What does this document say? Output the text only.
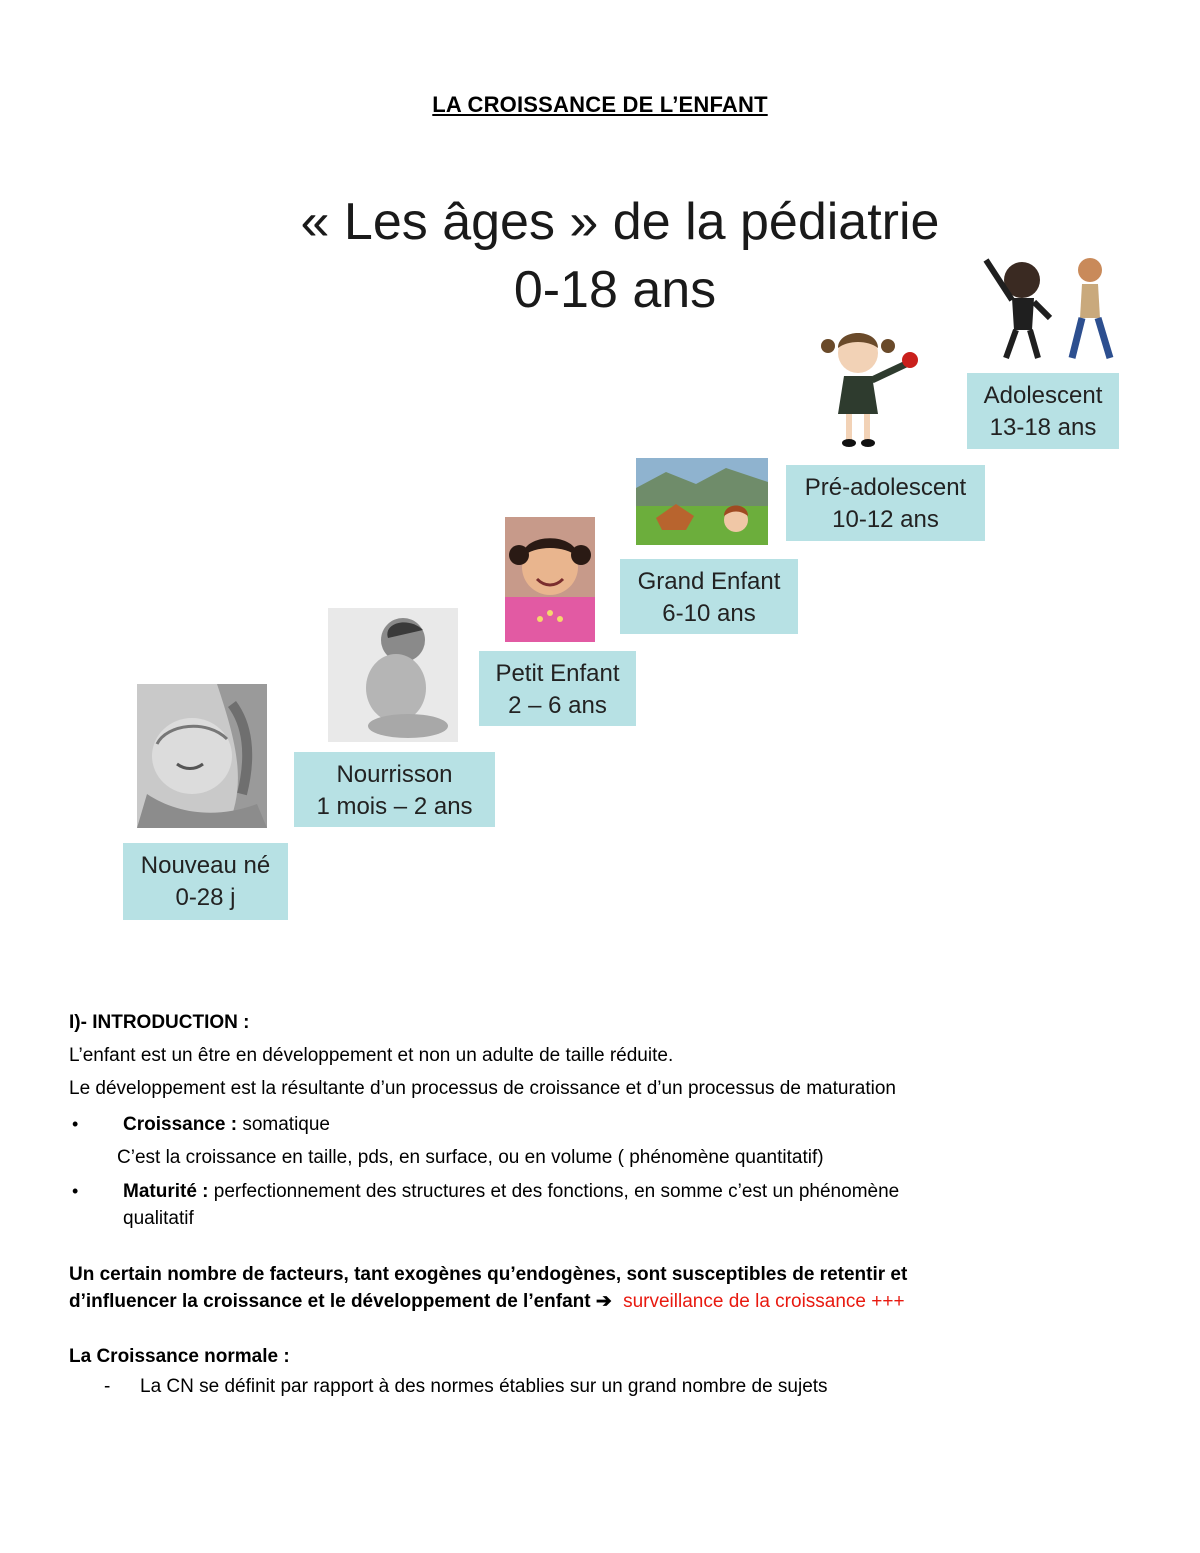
LA CROISSANCE DE L’ENFANT
« Les âges » de la pédiatrie
0-18 ans
Nouveau né
0-28 j
Nourrisson
1 mois – 2 ans
Petit Enfant
2 – 6 ans
Grand Enfant
6-10 ans
Pré-adolescent
10-12 ans
Adolescent
13-18 ans
I)- INTRODUCTION :
L’enfant est un être en développement et non un adulte de taille réduite.
Le développement est la résultante d’un processus de croissance et d’un processus de maturation
• Croissance : somatique
C’est la croissance en taille, pds, en surface, ou en volume ( phénomène quantitatif)
• Maturité : perfectionnement des structures et des fonctions, en somme c’est un phénomène
qualitatif
Un certain nombre de facteurs, tant exogènes qu’endogènes, sont susceptibles de retentir et
d’influencer la croissance et le développement de l’enfant ➔ surveillance de la croissance +++
La Croissance normale :
- La CN se définit par rapport à des normes établies sur un grand nombre de sujets
